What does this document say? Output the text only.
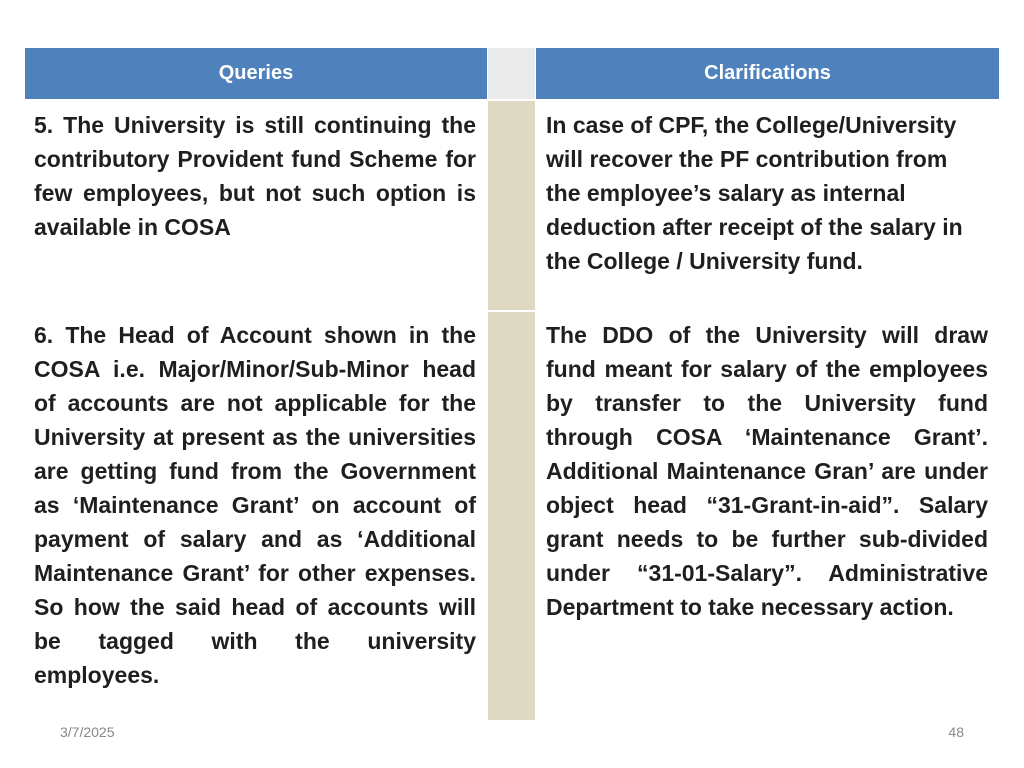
Queries	Clarifications
5. The University is still continuing the contributory Provident fund Scheme for few employees, but not such option is available in COSA
In case of CPF, the College/University will recover the PF contribution from the employee’s salary as internal deduction after receipt of the salary in the College / University fund.
6. The Head of Account shown in the COSA i.e. Major/Minor/Sub-Minor head of accounts are not applicable for the University at present as the universities are getting fund from the Government as ‘Maintenance Grant’ on account of payment of salary and as ‘Additional Maintenance Grant’ for other expenses. So how the said head of accounts will be tagged with the university employees.
The DDO of the University will draw fund meant for salary of the employees by transfer to the University fund through COSA ‘Maintenance Grant’. Additional Maintenance Gran’ are under object head “31-Grant-in-aid”. Salary grant needs to be further sub-divided under “31-01-Salary”. Administrative Department to take necessary action.
3/7/2025	48
